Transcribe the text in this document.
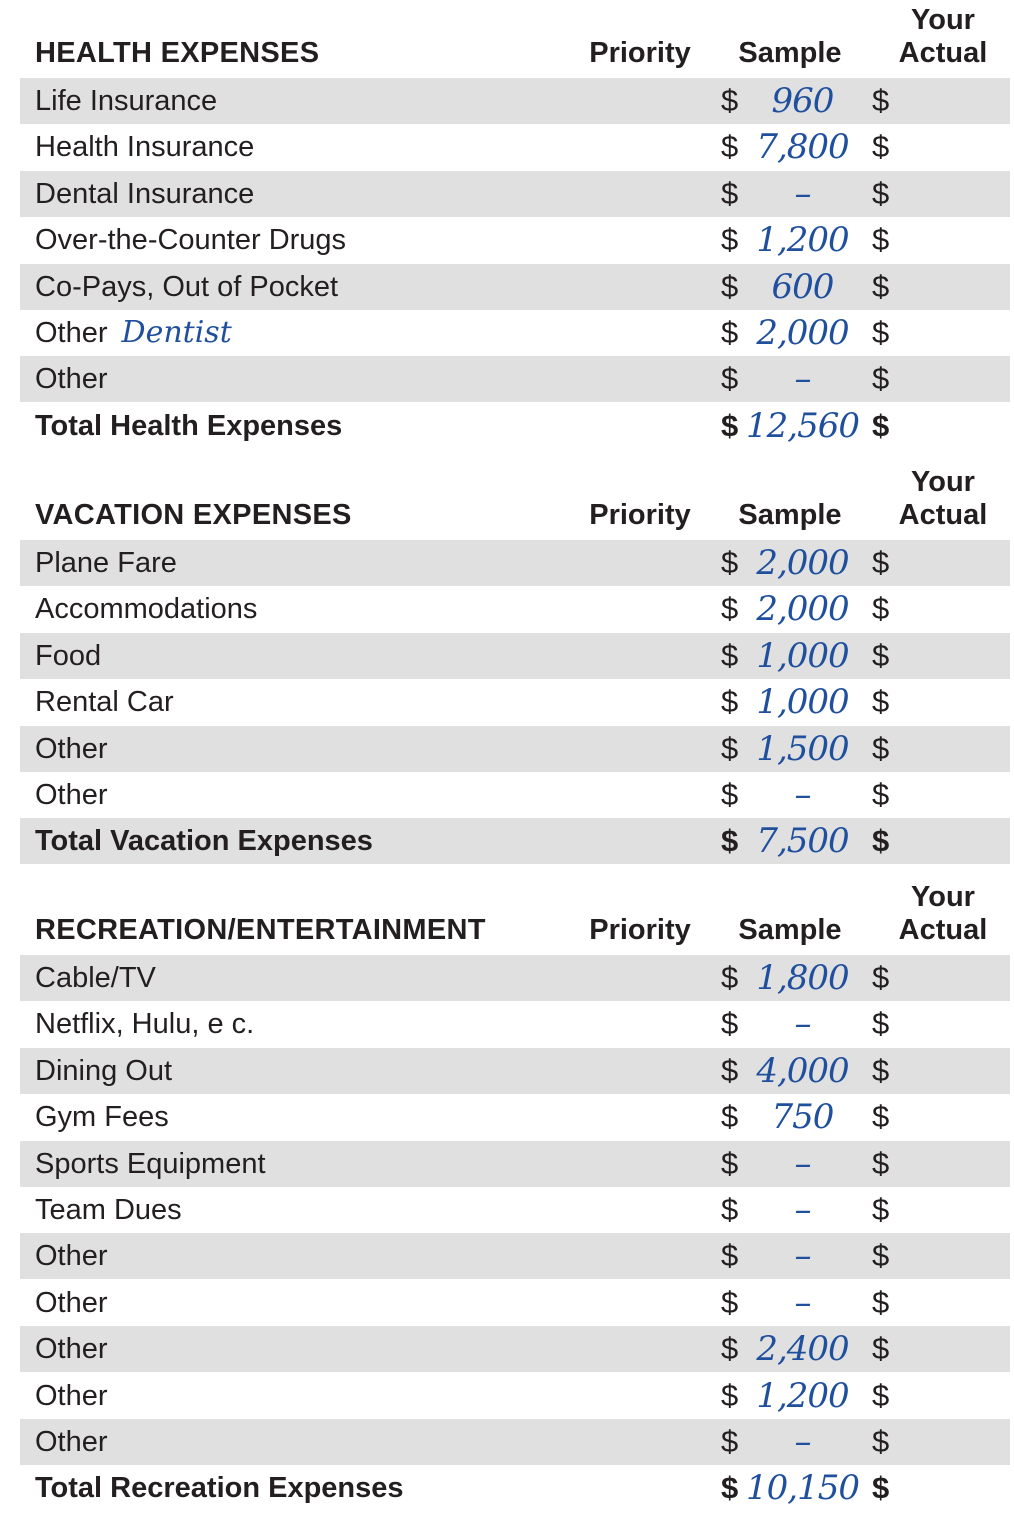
HEALTH EXPENSES	Priority	Sample
Your
Actual
Life Insurance	$ 960	$
Health Insurance	$ 7,800 $
Dental Insurance	$	–	$
Over-the-Counter Drugs	$ 1,200 $
Co-Pays, Out of Pocket	$ 600	$
Other Dentist	$ 2,000 $
Other	$	–	$
Total Health Expenses	$ 12,560 $
VACATION EXPENSES	Priority	Sample
Your
Actual
Plane Fare	$ 2,000 $
Accommodations	$ 2,000 $
Food	$ 1,000 $
Rental Car	$ 1,000 $
Other	$ 1,500 $
Other	$	–	$
Total Vacation Expenses	$ 7,500 $
RECREATION/ENTERTAINMENT	Priority	Sample
Your
Actual
Cable/TV	$ 1,800 $
Netflix, Hulu, e c.	$	–	$
Dining Out	$ 4,000 $
Gym Fees	$ 750	$
Sports Equipment	$	–	$
Team Dues	$	–	$
Other	$	–	$
Other	$	–	$
Other	$ 2,400 $
Other	$ 1,200 $
Other	$	–	$
Total Recreation Expenses	$ 10,150 $
